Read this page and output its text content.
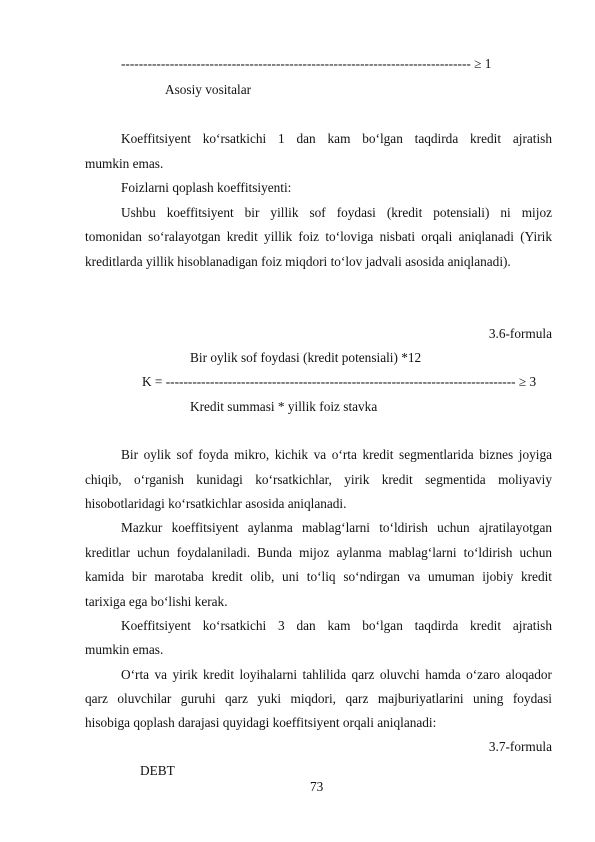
------------------------------------------------------------------------------- ≥ 1
Asosiy vositalar
Koeffitsiyent ko‘rsatkichi 1 dan kam bo‘lgan taqdirda kredit ajratish
mumkin emas.
Foizlarni qoplash koeffitsiyenti:
Ushbu koeffitsiyent bir yillik sof foydasi (kredit potensiali) ni mijoz
tomonidan so‘ralayotgan kredit yillik foiz to‘loviga nisbati orqali aniqlanadi (Yirik
kreditlarda yillik hisoblanadigan foiz miqdori to‘lov jadvali asosida aniqlanadi).
3.6-formula
Bir oylik sof foydasi (kredit potensiali) *12
K = ------------------------------------------------------------------------------- ≥ 3
Kredit summasi * yillik foiz stavka
Bir oylik sof foyda mikro, kichik va o‘rta kredit segmentlarida biznes joyiga
chiqib, o‘rganish kunidagi ko‘rsatkichlar, yirik kredit segmentida moliyaviy
hisobotlaridagi ko‘rsatkichlar asosida aniqlanadi.
Mazkur koeffitsiyent aylanma mablag‘larni to‘ldirish uchun ajratilayotgan
kreditlar uchun foydalaniladi. Bunda mijoz aylanma mablag‘larni to‘ldirish uchun
kamida bir marotaba kredit olib, uni to‘liq so‘ndirgan va umuman ijobiy kredit
tarixiga ega bo‘lishi kerak.
Koeffitsiyent ko‘rsatkichi 3 dan kam bo‘lgan taqdirda kredit ajratish
mumkin emas.
O‘rta va yirik kredit loyihalarni tahlilida qarz oluvchi hamda o‘zaro aloqador
qarz oluvchilar guruhi qarz yuki miqdori, qarz majburiyatlarini uning foydasi
hisobiga qoplash darajasi quyidagi koeffitsiyent orqali aniqlanadi:
3.7-formula
DEBT
73
